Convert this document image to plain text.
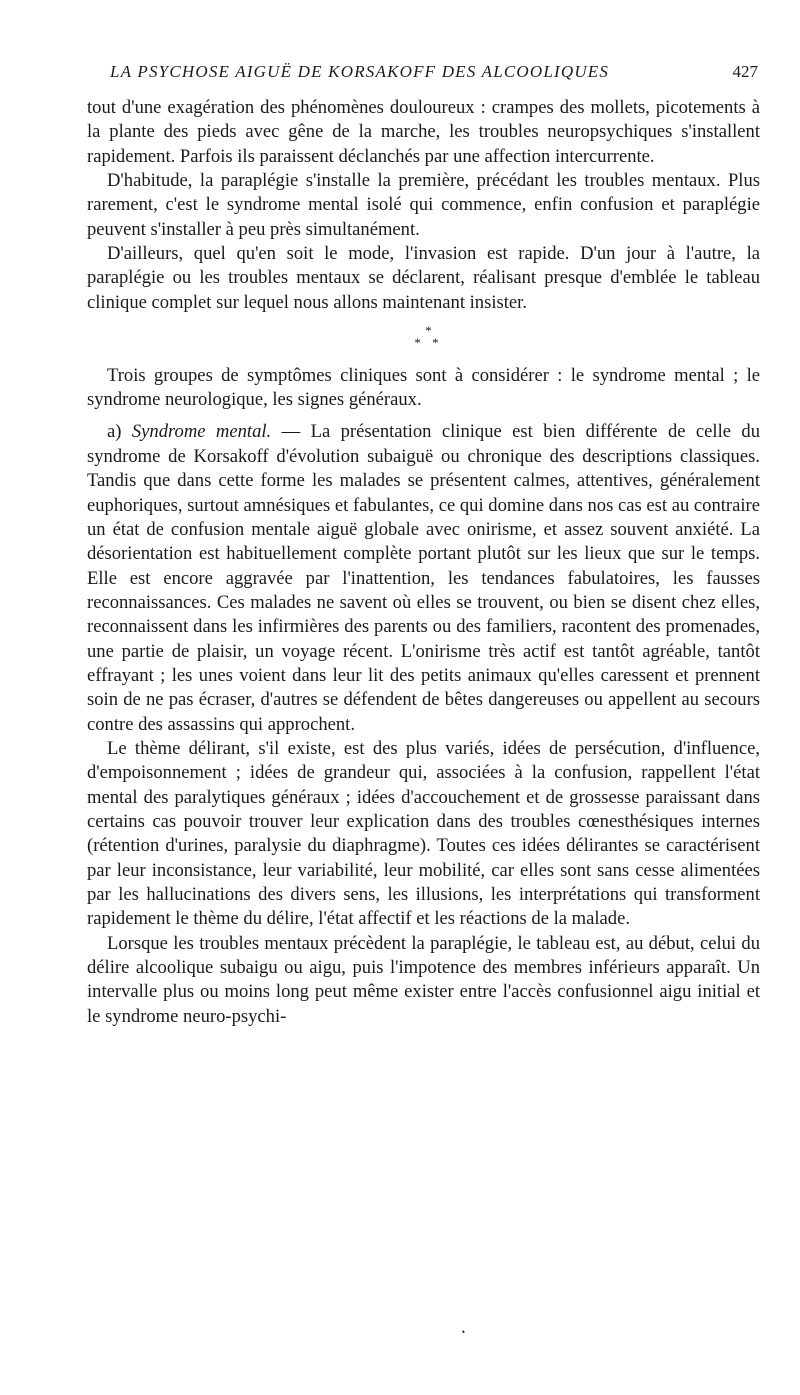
LA PSYCHOSE AIGUË DE KORSAKOFF DES ALCOOLIQUES	427

tout d'une exagération des phénomènes douloureux : crampes des mollets, picotements à la plante des pieds avec gêne de la marche, les troubles neuropsychiques s'installent rapidement. Parfois ils paraissent déclanchés par une affection intercurrente.

D'habitude, la paraplégie s'installe la première, précédant les troubles mentaux. Plus rarement, c'est le syndrome mental isolé qui commence, enfin confusion et paraplégie peuvent s'installer à peu près simultanément.

D'ailleurs, quel qu'en soit le mode, l'invasion est rapide. D'un jour à l'autre, la paraplégie ou les troubles mentaux se déclarent, réalisant presque d'emblée le tableau clinique complet sur lequel nous allons maintenant insister.

*
* *

Trois groupes de symptômes cliniques sont à considérer : le syndrome mental ; le syndrome neurologique, les signes généraux.

a) Syndrome mental. — La présentation clinique est bien différente de celle du syndrome de Korsakoff d'évolution subaiguë ou chronique des descriptions classiques. Tandis que dans cette forme les malades se présentent calmes, attentives, généralement euphoriques, surtout amnésiques et fabulantes, ce qui domine dans nos cas est au contraire un état de confusion mentale aiguë globale avec onirisme, et assez souvent anxiété. La désorientation est habituellement complète portant plutôt sur les lieux que sur le temps. Elle est encore aggravée par l'inattention, les tendances fabulatoires, les fausses reconnaissances. Ces malades ne savent où elles se trouvent, ou bien se disent chez elles, reconnaissent dans les infirmières des parents ou des familiers, racontent des promenades, une partie de plaisir, un voyage récent. L'onirisme très actif est tantôt agréable, tantôt effrayant ; les unes voient dans leur lit des petits animaux qu'elles caressent et prennent soin de ne pas écraser, d'autres se défendent de bêtes dangereuses ou appellent au secours contre des assassins qui approchent.

Le thème délirant, s'il existe, est des plus variés, idées de persécution, d'influence, d'empoisonnement ; idées de grandeur qui, associées à la confusion, rappellent l'état mental des paralytiques généraux ; idées d'accouchement et de grossesse paraissant dans certains cas pouvoir trouver leur explication dans des troubles cœnesthésiques internes (rétention d'urines, paralysie du diaphragme). Toutes ces idées délirantes se caractérisent par leur inconsistance, leur variabilité, leur mobilité, car elles sont sans cesse alimentées par les hallucinations des divers sens, les illusions, les interprétations qui transforment rapidement le thème du délire, l'état affectif et les réactions de la malade.

Lorsque les troubles mentaux précèdent la paraplégie, le tableau est, au début, celui du délire alcoolique subaigu ou aigu, puis l'impotence des membres inférieurs apparaît. Un intervalle plus ou moins long peut même exister entre l'accès confusionnel aigu initial et le syndrome neuro-psychi-

•
